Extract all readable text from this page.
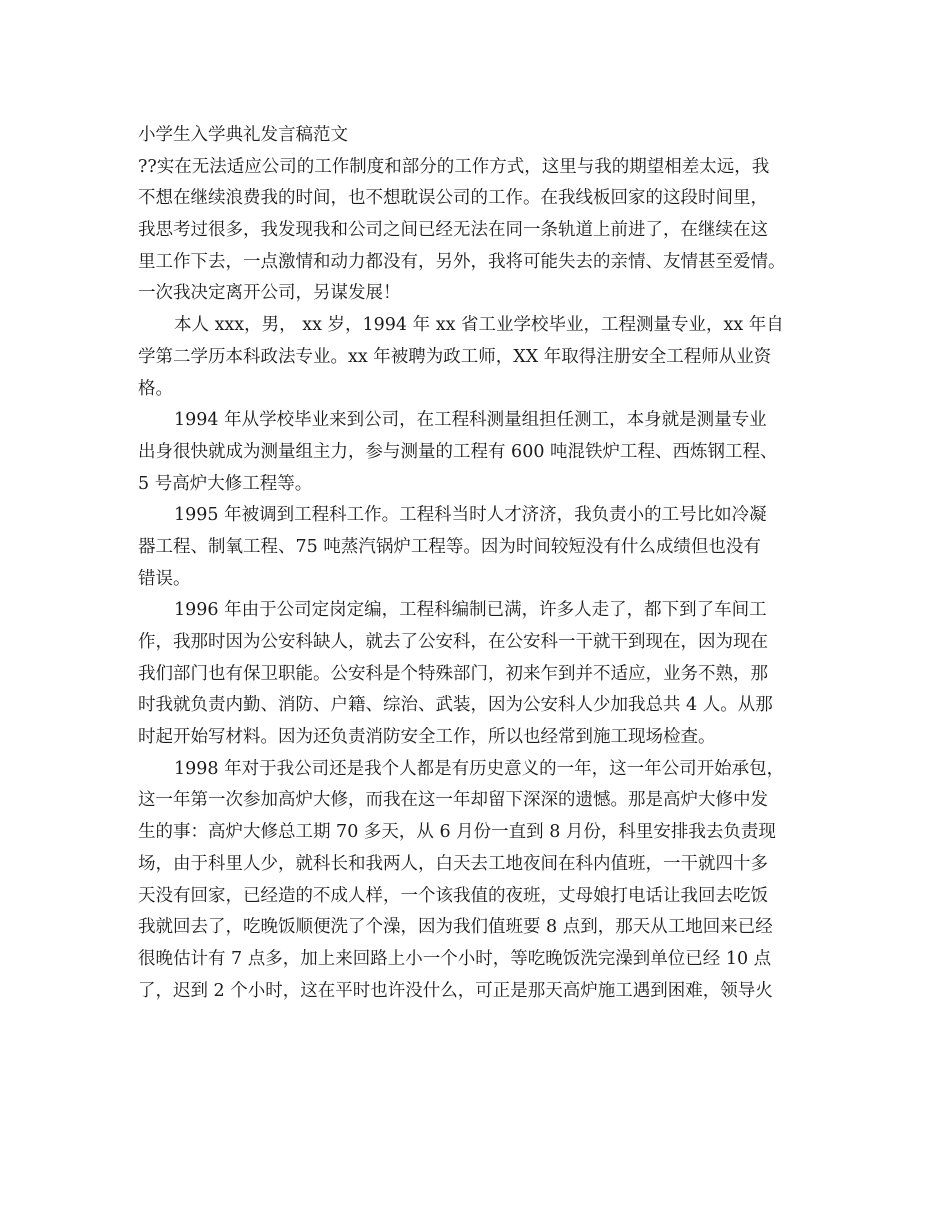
小学生入学典礼发言稿范文
??实在无法适应公司的工作制度和部分的工作方式，这里与我的期望相差太远，我
不想在继续浪费我的时间，也不想耽误公司的工作。在我线板回家的这段时间里，
我思考过很多，我发现我和公司之间已经无法在同一条轨道上前进了，在继续在这
里工作下去，一点激情和动力都没有，另外，我将可能失去的亲情、友情甚至爱情。
一次我决定离开公司，另谋发展！
本人 xxx，男， xx 岁，1994 年 xx 省工业学校毕业，工程测量专业，xx 年自
学第二学历本科政法专业。xx 年被聘为政工师，XX 年取得注册安全工程师从业资
格。
1994 年从学校毕业来到公司，在工程科测量组担任测工，本身就是测量专业
出身很快就成为测量组主力，参与测量的工程有 600 吨混铁炉工程、西炼钢工程、
5 号高炉大修工程等。
1995 年被调到工程科工作。工程科当时人才济济，我负责小的工号比如冷凝
器工程、制氧工程、75 吨蒸汽锅炉工程等。因为时间较短没有什么成绩但也没有
错误。
1996 年由于公司定岗定编，工程科编制已满，许多人走了，都下到了车间工
作，我那时因为公安科缺人，就去了公安科，在公安科一干就干到现在，因为现在
我们部门也有保卫职能。公安科是个特殊部门，初来乍到并不适应，业务不熟，那
时我就负责内勤、消防、户籍、综治、武装，因为公安科人少加我总共 4 人。从那
时起开始写材料。因为还负责消防安全工作，所以也经常到施工现场检查。
1998 年对于我公司还是我个人都是有历史意义的一年，这一年公司开始承包，
这一年第一次参加高炉大修，而我在这一年却留下深深的遗憾。那是高炉大修中发
生的事：高炉大修总工期 70 多天，从 6 月份一直到 8 月份，科里安排我去负责现
场，由于科里人少，就科长和我两人，白天去工地夜间在科内值班，一干就四十多
天没有回家，已经造的不成人样，一个该我值的夜班，丈母娘打电话让我回去吃饭
我就回去了，吃晚饭顺便洗了个澡，因为我们值班要 8 点到，那天从工地回来已经
很晚估计有 7 点多，加上来回路上小一个小时，等吃晚饭洗完澡到单位已经 10 点
了，迟到 2 个小时，这在平时也许没什么，可正是那天高炉施工遇到困难，领导火
